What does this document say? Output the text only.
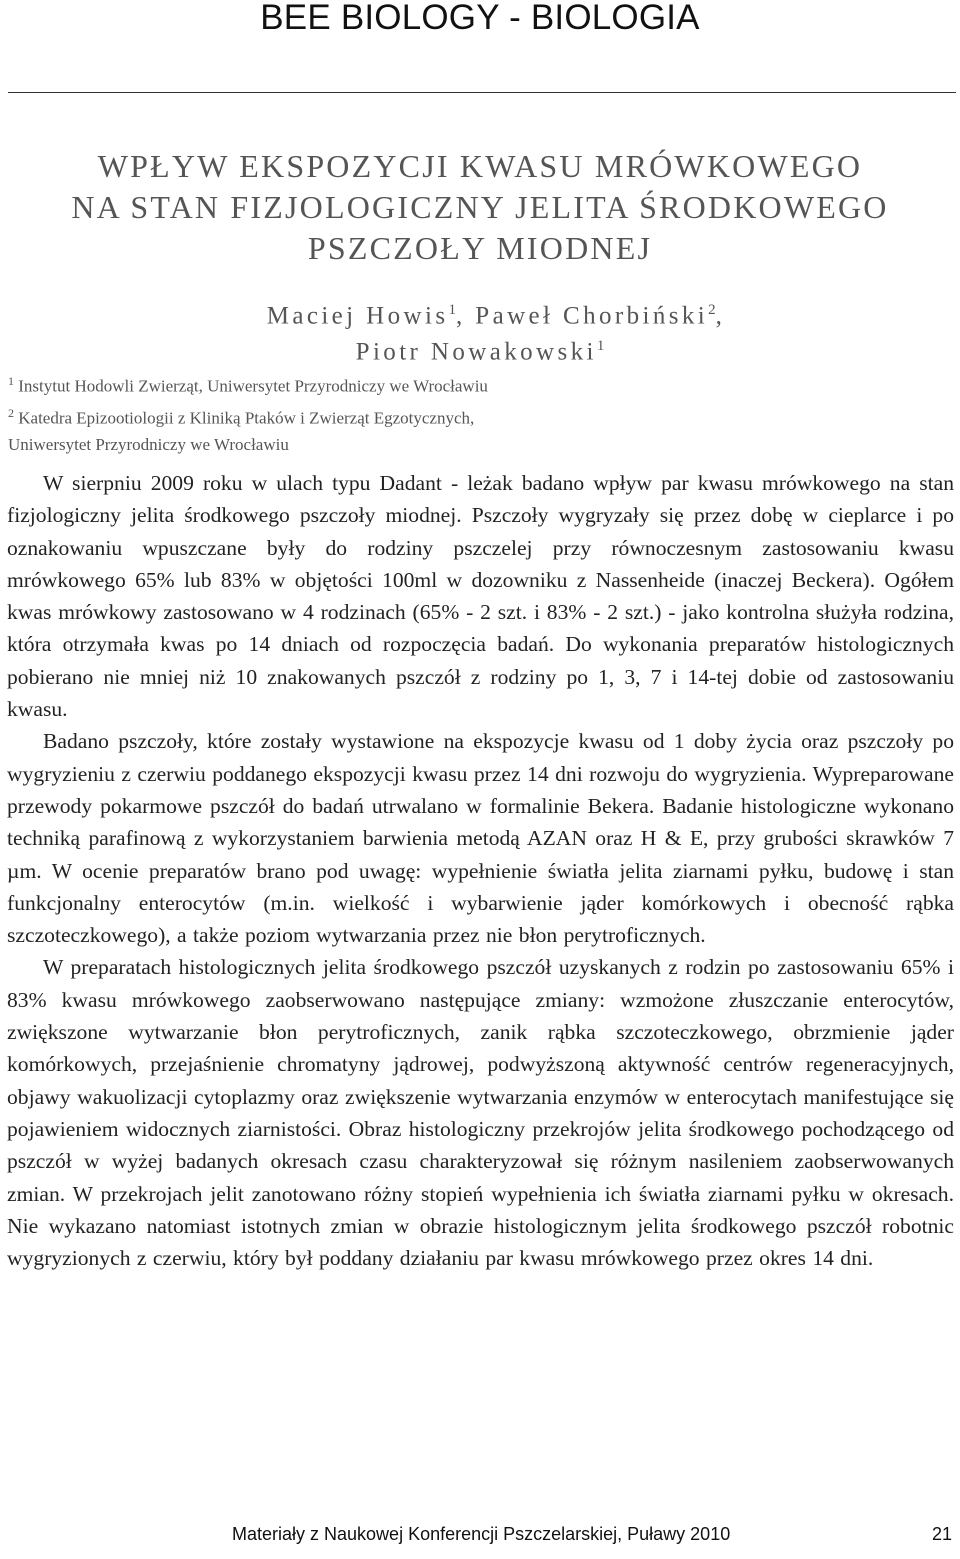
BEE BIOLOGY - BIOLOGIA
WPŁYW EKSPOZYCJI KWASU MRÓWKOWEGO
NA STAN FIZJOLOGICZNY JELITA ŚRODKOWEGO
PSZCZOŁY MIODNEJ
Maciej Howis$^1$, Paweł Chorbiński$^2$,
Piotr Nowakowski$^1$
$^1$ Instytut Hodowli Zwierząt, Uniwersytet Przyrodniczy we Wrocławiu
$^2$ Katedra Epizootiologii z Kliniką Ptaków i Zwierząt Egzotycznych,
Uniwersytet Przyrodniczy we Wrocławiu

W sierpniu 2009 roku w ulach typu Dadant - leżak badano wpływ par kwasu mrówkowego na stan fizjologiczny jelita środkowego pszczoły miodnej. Pszczoły wygryzały się przez dobę w cieplarce i po oznakowaniu wpuszczane były do rodziny pszczelej przy równoczesnym zastosowaniu kwasu mrówkowego 65% lub 83% w objętości 100ml w dozowniku z Nassenheide (inaczej Beckera). Ogółem kwas mrówkowy zastosowano w 4 rodzinach (65% - 2 szt. i 83% - 2 szt.) - jako kontrolna służyła rodzina, która otrzymała kwas po 14 dniach od rozpoczęcia badań. Do wykonania preparatów histologicznych pobierano nie mniej niż 10 znakowanych pszczół z rodziny po 1, 3, 7 i 14-tej dobie od zastosowaniu kwasu.

Badano pszczoły, które zostały wystawione na ekspozycje kwasu od 1 doby życia oraz pszczoły po wygryzieniu z czerwiu poddanego ekspozycji kwasu przez 14 dni rozwoju do wygryzienia. Wypreparowane przewody pokarmowe pszczół do badań utrwalano w formalinie Bekera. Badanie histologiczne wykonano techniką parafinową z wykorzystaniem barwienia metodą AZAN oraz H & E, przy grubości skrawków 7 µm. W ocenie preparatów brano pod uwagę: wypełnienie światła jelita ziarnami pyłku, budowę i stan funkcjonalny enterocytów (m.in. wielkość i wybarwienie jąder komórkowych i obecność rąbka szczoteczkowego), a także poziom wytwarzania przez nie błon perytroficznych.

W preparatach histologicznych jelita środkowego pszczół uzyskanych z rodzin po zastosowaniu 65% i 83% kwasu mrówkowego zaobserwowano następujące zmiany: wzmożone złuszczanie enterocytów, zwiększone wytwarzanie błon perytroficznych, zanik rąbka szczoteczkowego, obrzmienie jąder komórkowych, przejaśnienie chromatyny jądrowej, podwyższoną aktywność centrów regeneracyjnych, objawy wakuolizacji cytoplazmy oraz zwiększenie wytwarzania enzymów w enterocytach manifestujące się pojawieniem widocznych ziarnistości. Obraz histologiczny przekrojów jelita środkowego pochodzącego od pszczół w wyżej badanych okresach czasu charakteryzował się różnym nasileniem zaobserwowanych zmian. W przekrojach jelit zanotowano różny stopień wypełnienia ich światła ziarnami pyłku w okresach. Nie wykazano natomiast istotnych zmian w obrazie histologicznym jelita środkowego pszczół robotnic wygryzionych z czerwiu, który był poddany działaniu par kwasu mrówkowego przez okres 14 dni.

Materiały z Naukowej Konferencji Pszczelarskiej, Puławy 2010	21
